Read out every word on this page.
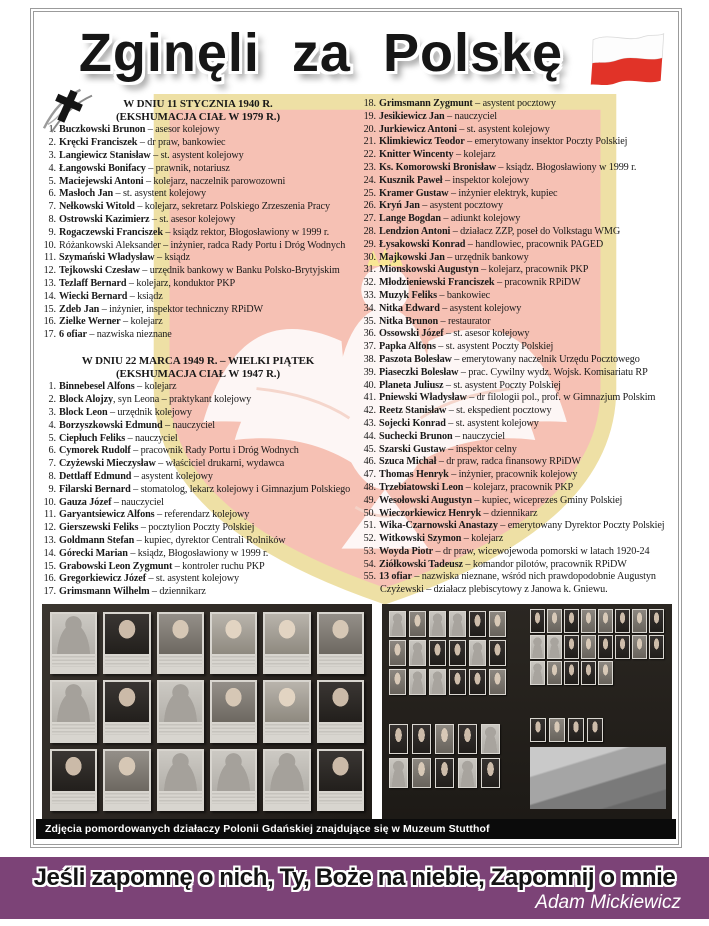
Zginęli za Polskę
W DNIU 11 STYCZNIA 1940 R.
(EKSHUMACJA CIAŁ W 1979 R.)
1. Buczkowski Brunon – asesor kolejowy
2. Kręcki Franciszek – dr praw, bankowiec
3. Langiewicz Stanisław – st. asystent kolejowy
4. Łangowski Bonifacy – prawnik, notariusz
5. Maciejewski Antoni – kolejarz, naczelnik parowozowni
6. Masłoch Jan – st. asystent kolejowy
7. Nełkowski Witold – kolejarz, sekretarz Polskiego Zrzeszenia Pracy
8. Ostrowski Kazimierz – st. asesor kolejowy
9. Rogaczewski Franciszek – ksiądz rektor, Błogosławiony w 1999 r.
10. Różankowski Aleksander – inżynier, radca Rady Portu i Dróg Wodnych
11. Szymański Władysław – ksiądz
12. Tejkowski Czesław – urzędnik bankowy w Banku Polsko-Brytyjskim
13. Tezlaff Bernard – kolejarz, konduktor PKP
14. Wiecki Bernard – ksiądz
15. Zdeb Jan – inżynier, inspektor techniczny RPiDW
16. Zielke Werner – kolejarz
17. 6 ofiar – nazwiska nieznane
W DNIU 22 MARCA 1949 R. – WIELKI PIĄTEK
(EKSHUMACJA CIAŁ W 1947 R.)
1. Binnebesel Alfons – kolejarz
2. Block Alojzy, syn Leona – praktykant kolejowy
3. Block Leon – urzędnik kolejowy
4. Borzyszkowski Edmund – nauczyciel
5. Ciepłuch Feliks – nauczyciel
6. Cymorek Rudolf – pracownik Rady Portu i Dróg Wodnych
7. Czyżewski Mieczysław – właściciel drukarni, wydawca
8. Dettlaff Edmund – asystent kolejowy
9. Filarski Bernard – stomatolog, lekarz kolejowy i Gimnazjum Polskiego
10. Gauza Józef – nauczyciel
11. Garyantsiewicz Alfons – referendarz kolejowy
12. Gierszewski Feliks – pocztylion Poczty Polskiej
13. Goldmann Stefan – kupiec, dyrektor Centrali Rolników
14. Górecki Marian – ksiądz, Błogosławiony w 1999 r.
15. Grabowski Leon Zygmunt – kontroler ruchu PKP
16. Gregorkiewicz Józef – st. asystent kolejowy
17. Grimsmann Wilhelm – dziennikarz
18. Grimsmann Zygmunt – asystent pocztowy
19. Jesikiewicz Jan – nauczyciel
20. Jurkiewicz Antoni – st. asystent kolejowy
21. Klimkiewicz Teodor – emerytowany insektor Poczty Polskiej
22. Knitter Wincenty – kolejarz
23. Ks. Komorowski Bronisław – ksiądz. Błogosławiony w 1999 r.
24. Kusznik Paweł – inspektor kolejowy
25. Kramer Gustaw – inżynier elektryk, kupiec
26. Kryń Jan – asystent pocztowy
27. Lange Bogdan – adiunkt kolejowy
28. Lendzion Antoni – działacz ZZP, poseł do Volkstagu WMG
29. Łysakowski Konrad – handlowiec, pracownik PAGED
30. Majkowski Jan – urzędnik bankowy
31. Mionskowski Augustyn – kolejarz, pracownik PKP
32. Młodzieniewski Franciszek – pracownik RPiDW
33. Muzyk Feliks – bankowiec
34. Nitka Edward – asystent kolejowy
35. Nitka Brunon – restaurator
36. Ossowski Józef – st. asesor kolejowy
37. Papka Alfons – st. asystent Poczty Polskiej
38. Paszota Bolesław – emerytowany naczelnik Urzędu Pocztowego
39. Piaseczki Bolesław – prac. Cywilny wydz. Wojsk. Komisariatu RP
40. Planeta Juliusz – st. asystent Poczty Polskiej
41. Pniewski Władysław – dr filologii pol., prof. w Gimnazjum Polskim
42. Reetz Stanisław – st. ekspedient pocztowy
43. Sojecki Konrad – st. asystent kolejowy
44. Suchecki Brunon – nauczyciel
45. Szarski Gustaw – inspektor celny
46. Szuca Michał – dr praw, radca finansowy RPiDW
47. Thomas Henryk – inżynier, pracownik kolejowy
48. Trzebiatowski Leon – kolejarz, pracownik PKP
49. Wesołowski Augustyn – kupiec, wiceprezes Gminy Polskiej
50. Wieczorkiewicz Henryk – dziennikarz
51. Wika-Czarnowski Anastazy – emerytowany Dyrektor Poczty Polskiej
52. Witkowski Szymon – kolejarz
53. Woyda Piotr – dr praw, wicewojewoda pomorski w latach 1920-24
54. Ziółkowski Tadeusz – komandor pilotów, pracownik RPiDW
55. 13 ofiar – nazwiska nieznane, wśród nich prawdopodobnie Augustyn Czyżewski – działacz plebiscytowy z Janowa k. Gniewu.
Zdjęcia pomordowanych działaczy Polonii Gdańskiej znajdujące się w Muzeum Stutthof
Jeśli zapomnę o nich, Ty, Boże na niebie, Zapomnij o mnie
Adam Mickiewicz
